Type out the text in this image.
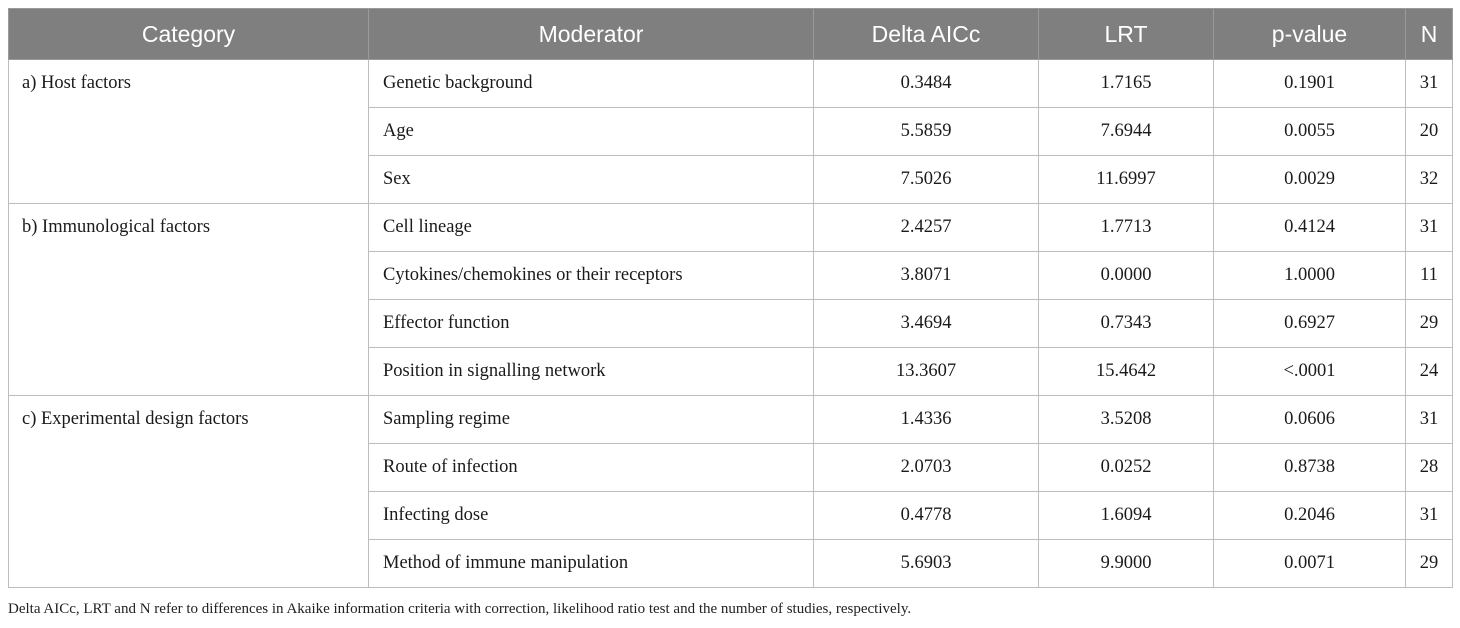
Category	Moderator	Delta AICc	LRT	p-value	N
a) Host factors	Genetic background	0.3484	1.7165	0.1901	31
	Age	5.5859	7.6944	0.0055	20
	Sex	7.5026	11.6997	0.0029	32
b) Immunological factors	Cell lineage	2.4257	1.7713	0.4124	31
	Cytokines/chemokines or their receptors	3.8071	0.0000	1.0000	11
	Effector function	3.4694	0.7343	0.6927	29
	Position in signalling network	13.3607	15.4642	<.0001	24
c) Experimental design factors	Sampling regime	1.4336	3.5208	0.0606	31
	Route of infection	2.0703	0.0252	0.8738	28
	Infecting dose	0.4778	1.6094	0.2046	31
	Method of immune manipulation	5.6903	9.9000	0.0071	29
Delta AICc, LRT and N refer to differences in Akaike information criteria with correction, likelihood ratio test and the number of studies, respectively.
